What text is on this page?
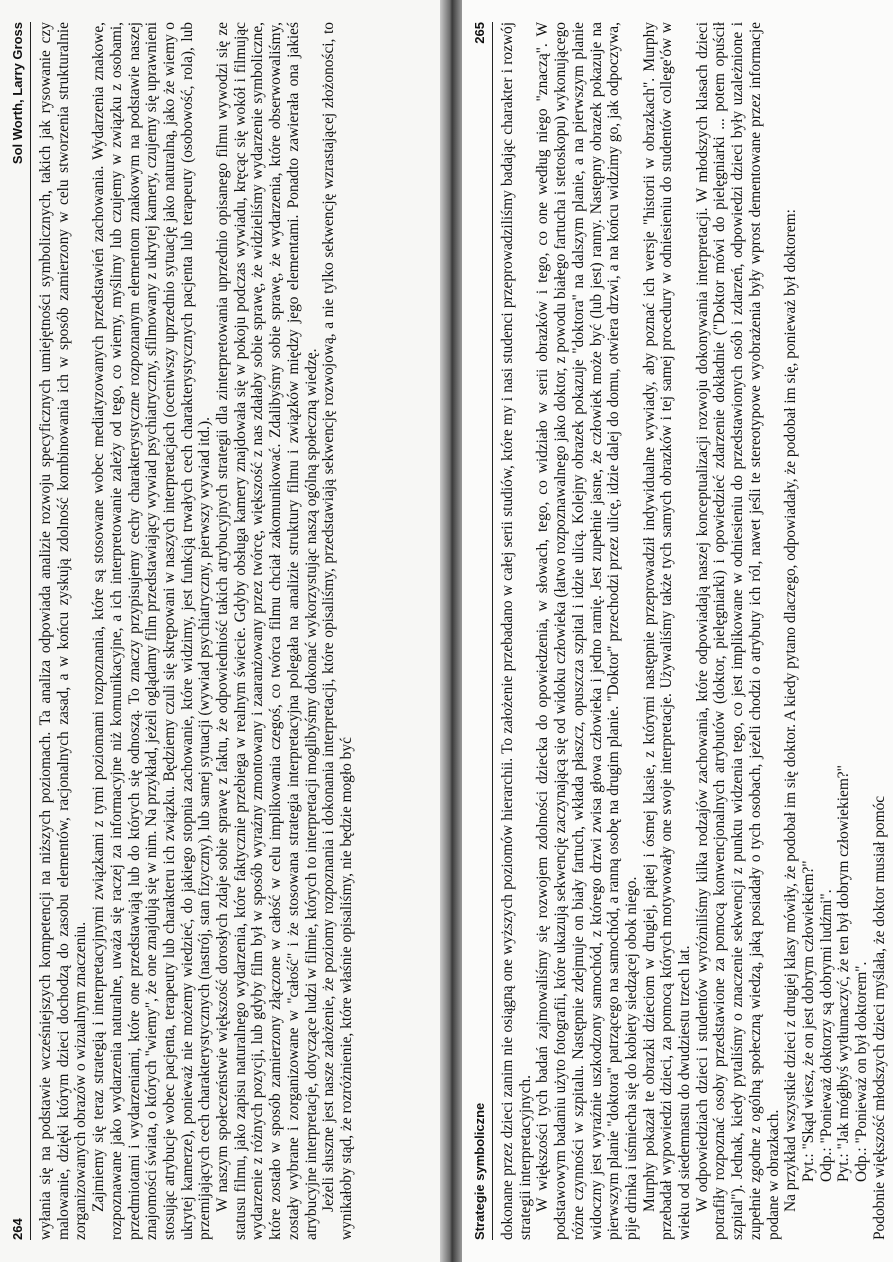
264
Sol Worth, Larry Gross wyłania się na podstawie wcześniejszych kompetencji na niższych poziomach. Ta analiza odpowiada analizie rozwoju specyficznych umiejętności symbolicznych, takich jak rysowanie czy malowanie, dzięki którym dzieci dochodzą do zasobu elementów, racjonalnych zasad, a w końcu zyskują zdolność kombinowania ich w sposób zamierzony w celu stworzenia strukturalnie zorganizowanych obrazów o wizualnym znaczeniu. Zajmiemy się teraz strategią i interpretacyjnymi związkami z tymi poziomami rozpoznania, które są stosowane wobec mediatyzowanych przedstawień zachowania. Wydarzenia znakowe, rozpoznawane jako wydarzenia naturalne, uważa się raczej za informacyjne niż komunikacyjne, a ich interpretowanie zależy od tego, co wiemy, myślimy lub czujemy w związku z osobami, przedmiotami i wydarzeniami, które one przedstawiają lub do których się odnoszą. To znaczy przypisujemy cechy charakterystyczne rozpoznanym elementom znakowym na podstawie naszej znajomości świata, o których "wiemy", że one znajdują się w nim. Na przykład, jeżeli oglądamy film przedstawiający wywiad psychiatryczny, sfilmowany z ukrytej kamery, czujemy się uprawnieni stosując atrybucje wobec pacjenta, terapeuty lub charakteru ich związku. Będziemy czuli się skrępowani w naszych interpretacjach (oceniwszy uprzednio sytuację jako naturalną, jako że wiemy o ukrytej kamerze), ponieważ nie możemy wiedzieć, do jakiego stopnia zachowanie, które widzimy, jest funkcją trwałych cech charakterystycznych pacjenta lub terapeuty (osobowość, rola), lub przemijających cech charakterystycznych (nastrój, stan fizyczny), lub samej sytuacji (wywiad psychiatryczny, pierwszy wywiad itd.). W naszym społeczeństwie większość dorosłych zdaje sobie sprawę z faktu, że odpowiedniość takich atrybucyjnych strategii dla zinterpretowania uprzednio opisanego filmu wywodzi się ze statusu filmu, jako zapisu naturalnego wydarzenia, które faktycznie przebiega w realnym świecie. Gdyby obsługa kamery znajdowała się w pokoju podczas wywiadu, kręcąc się wokół i filmując wydarzenie z różnych pozycji, lub gdyby film był w sposób wyraźny zmontowany i zaaranżowany przez twórcę, większość z nas zdałaby sobie sprawę, że widzieliśmy wydarzenie symboliczne, które zostało w sposób zamierzony złączone w całość w celu implikowania czegoś, co twórca filmu chciał zakomunikować. Zdalibyśmy sobie sprawę, że wydarzenia, które obserwowaliśmy, zostały wybrane i zorganizowane w "całość" i że stosowana strategia interpretacyjna polegała na analizie struktury filmu i związków między jego elementami. Ponadto zawierała ona jakieś atrybucyjne interpretacje, dotyczące ludzi w filmie, których to interpretacji moglibyśmy dokonać wykorzystując naszą ogólną społeczną wiedzę. Jeżeli słuszne jest nasze założenie, że poziomy rozpoznania i dokonania interpretacji, które opisaliśmy, przedstawiają sekwencję rozwojową, a nie tylko sekwencję wzrastającej złożoności, to wynikałoby stąd, że rozróżnienie, które właśnie opisaliśmy, nie będzie mogło być	Strategie symboliczne
265 dokonane przez dzieci zanim nie osiągną one wyższych poziomów hierarchii. To założenie przebadano w całej serii studiów, które my i nasi studenci przeprowadziliśmy badając charakter i rozwój strategii interpretacyjnych. W większości tych badań zajmowaliśmy się rozwojem zdolności dziecka do opowiedzenia, w słowach, tego, co widziało w serii obrazków i tego, co one według niego "znaczą". W podstawowym badaniu użyto fotografii, które ukazują sekwencję zaczynającą się od widoku człowieka (łatwo rozpoznawalnego jako doktor, z powodu białego fartucha i stetoskopu) wykonującego różne czynności w szpitalu. Następnie zdejmuje on biały fartuch, wkłada płaszcz, opuszcza szpital i idzie ulicą. Kolejny obrazek pokazuje "doktora" na dalszym planie, a na pierwszym planie widoczny jest wyraźnie uszkodzony samochód, z którego drzwi zwisa głowa człowieka i jedno ramię. Jest zupełnie jasne, że człowiek może być (lub jest) ranny. Następny obrazek pokazuje na pierwszym planie "doktora" patrzącego na samochód, a ranną osobę na drugim planie. "Doktor" przechodzi przez ulicę, idzie dalej do domu, otwiera drzwi, a na końcu widzimy go, jak odpoczywa, pije drinka i uśmiecha się do kobiety siedzącej obok niego. Murphy pokazał te obrazki dzieciom w drugiej, piątej i ósmej klasie, z którymi następnie przeprowadził indywidualne wywiady, aby poznać ich wersje "historii w obrazkach". Murphy przebadał wypowiedzi dzieci, za pomocą których motywowały one swoje interpretacje. Używaliśmy także tych samych obrazków i tej samej procedury w odniesieniu do studentów college'ów w wieku od siedemnastu do dwudziestu trzech lat. W odpowiedziach dzieci i studentów wyróżniliśmy kilka rodzajów zachowania, które odpowiadają naszej konceptualizacji rozwoju dokonywania interpretacji. W młodszych klasach dzieci potrafiły rozpoznać osoby przedstawione za pomocą konwencjonalnych atrybutów (doktor, pielęgniarki) i opowiedzieć zdarzenie dokładnie ("Doktor mówi do pielęgniarki ... potem opuścił szpital"). Jednak, kiedy pytaliśmy o znaczenie sekwencji z punktu widzenia tego, co jest implikowane w odniesieniu do przedstawionych osób i zdarzeń, odpowiedzi dzieci były uzależnione i zupełnie zgodne z ogólną społeczną wiedzą, jaką posiadały o tych osobach, jeżeli chodzi o atrybuty ich ról, nawet jeśli te stereotypowe wyobrażenia były wprost dementowane przez informacje podane w obrazkach. Na przykład wszystkie dzieci z drugiej klasy mówiły, że podobał im się doktor. A kiedy pytano dlaczego, odpowiadały, że podobał im się, ponieważ był doktorem: Pyt.: "Skąd wiesz, że on jest dobrym człowiekiem?" Odp.: "Ponieważ doktorzy są dobrymi ludźmi". Pyt.: "Jak mógłbyś wytłumaczyć, że ten był dobrym człowiekiem?" Odp.: "Ponieważ on był doktorem". Podobnie większość młodszych dzieci myślała, że doktor musiał pomóc
